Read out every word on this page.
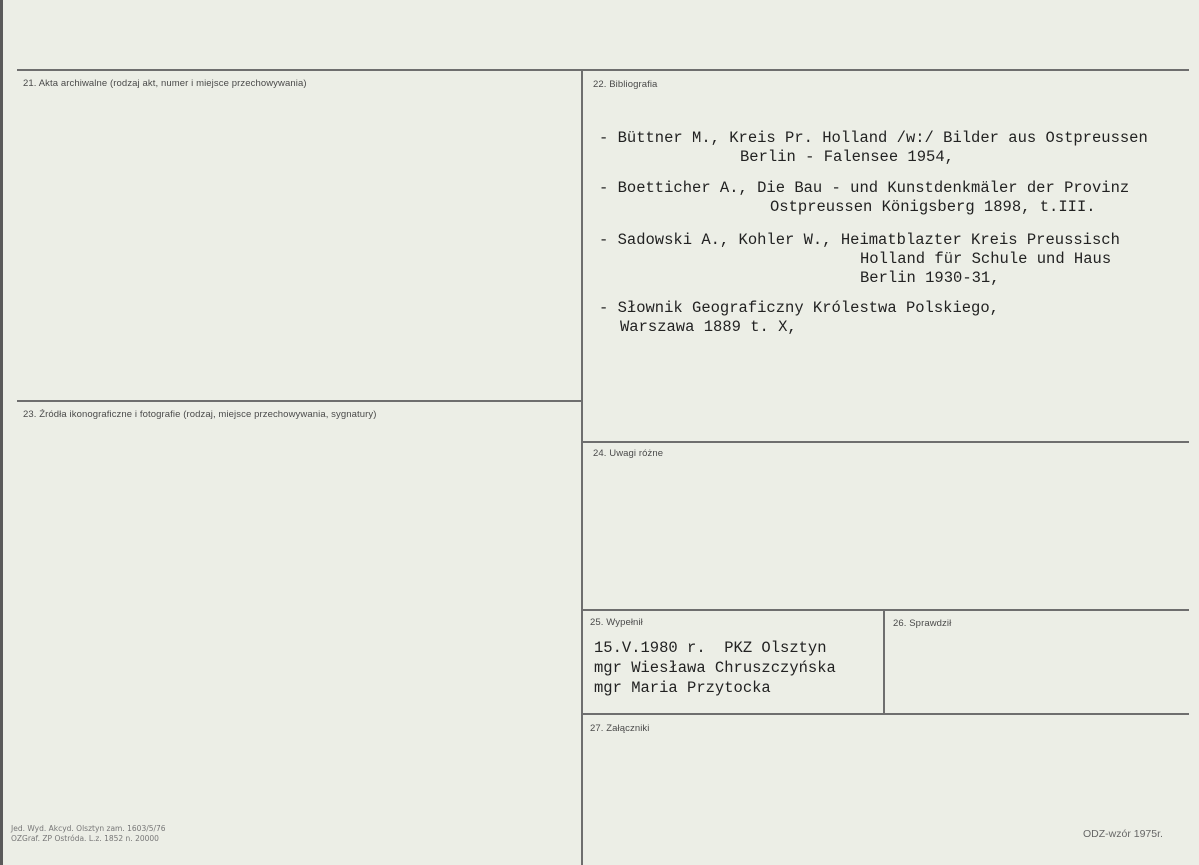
21. Akta archiwalne (rodzaj akt, numer i miejsce przechowywania)	22. Bibliografia
23. Źródła ikonograficzne i fotografie (rodzaj, miejsce przechowywania, sygnatury)
24. Uwagi różne
25. Wypełnił	26. Sprawdził
27. Załączniki
- Büttner M., Kreis Pr. Holland /w:/ Bilder aus Ostpreussen
Berlin - Falensee 1954,
- Boetticher A., Die Bau - und Kunstdenkmäler der Provinz
Ostpreussen Königsberg 1898, t.III.
- Sadowski A., Kohler W., Heimatblazter Kreis Preussisch
Holland für Schule und Haus
Berlin 1930-31,
- Słownik Geograficzny Królestwa Polskiego,
Warszawa 1889 t. X,
15.V.1980 r.  PKZ Olsztyn
mgr Wiesława Chruszczyńska
mgr Maria Przytocka
Jed. Wyd. Akcyd. Olsztyn zam. 1603/5/76
OZGraf. ZP Ostróda. L.z. 1852 n. 20000	ODZ-wzór 1975r.
